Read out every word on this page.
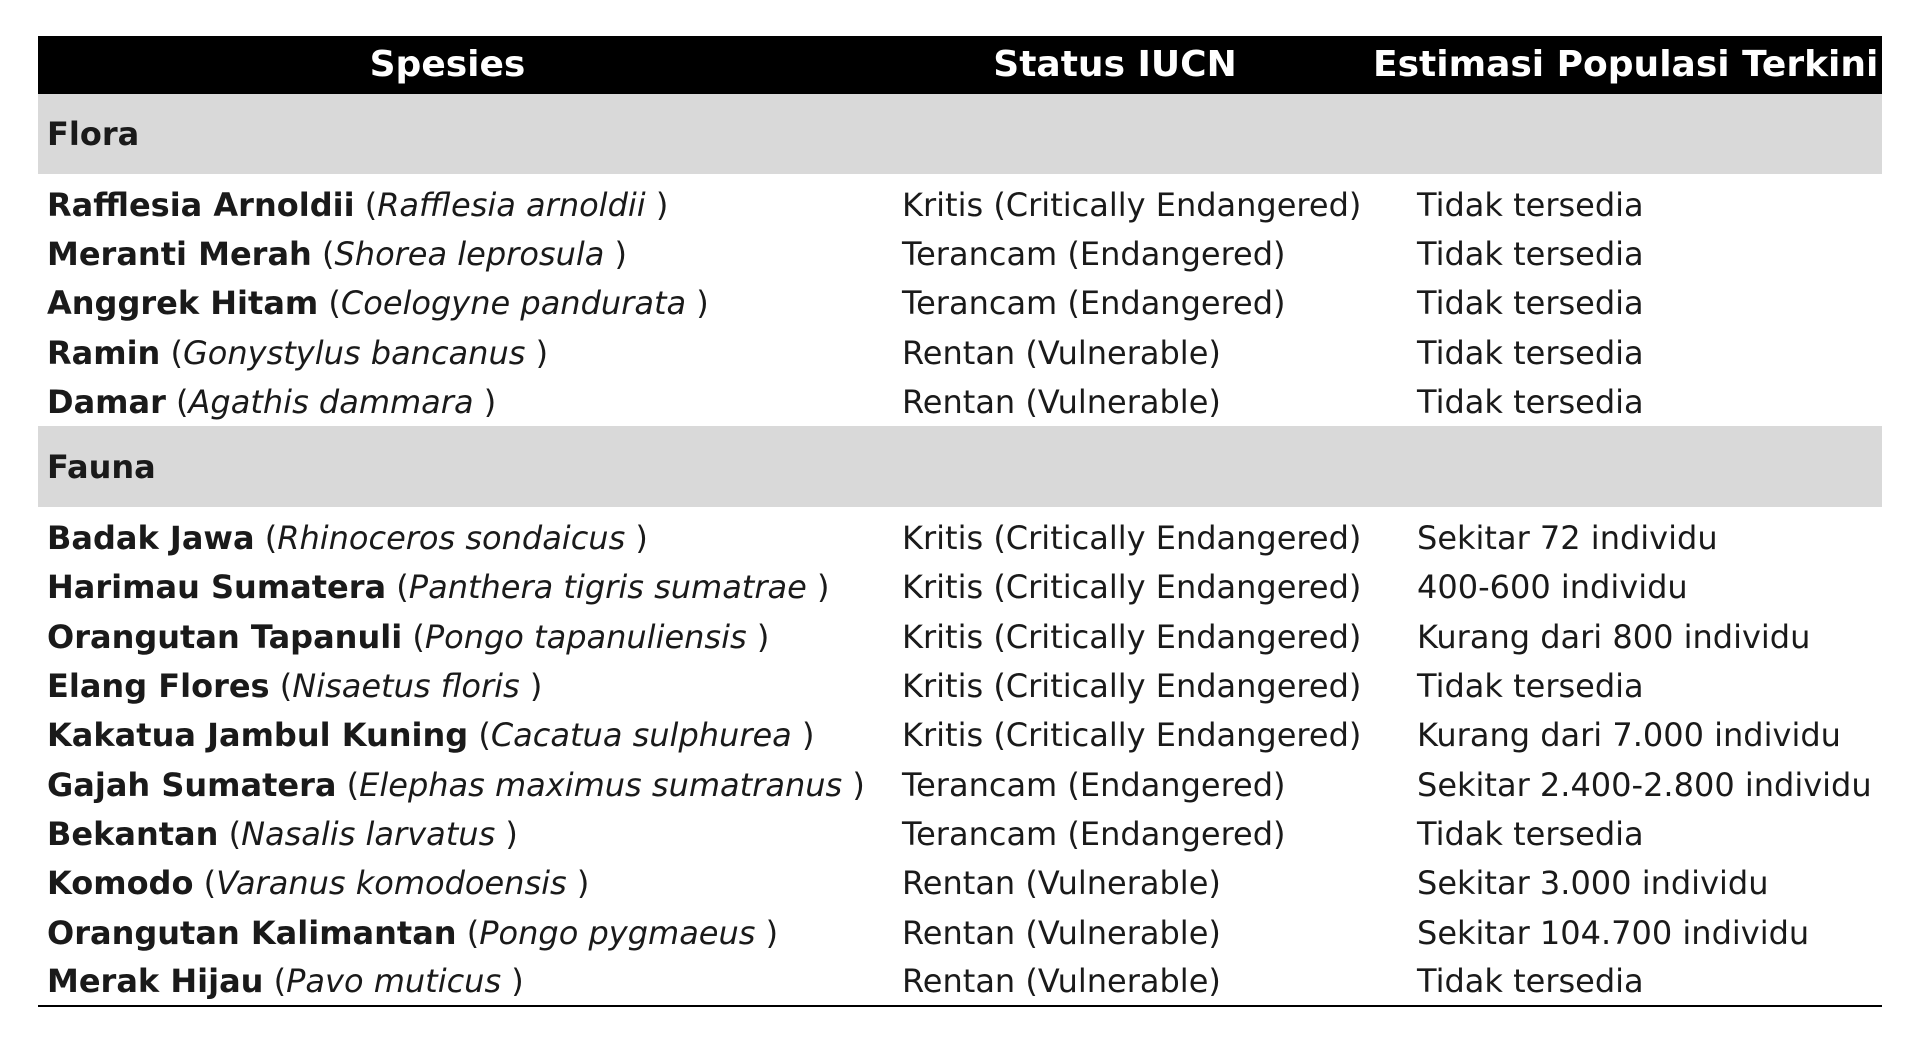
Spesies	Status IUCN	Estimasi Populasi Terkini
Flora		

Rafflesia Arnoldii (Rafflesia arnoldii )	Kritis (Critically Endangered)	Tidak tersedia
Meranti Merah (Shorea leprosula )	Terancam (Endangered)	Tidak tersedia
Anggrek Hitam (Coelogyne pandurata )	Terancam (Endangered)	Tidak tersedia
Ramin (Gonystylus bancanus )	Rentan (Vulnerable)	Tidak tersedia
Damar (Agathis dammara )	Rentan (Vulnerable)	Tidak tersedia
Fauna		

Badak Jawa (Rhinoceros sondaicus )	Kritis (Critically Endangered)	Sekitar 72 individu
Harimau Sumatera (Panthera tigris sumatrae )	Kritis (Critically Endangered)	400-600 individu
Orangutan Tapanuli (Pongo tapanuliensis )	Kritis (Critically Endangered)	Kurang dari 800 individu
Elang Flores (Nisaetus floris )	Kritis (Critically Endangered)	Tidak tersedia
Kakatua Jambul Kuning (Cacatua sulphurea )	Kritis (Critically Endangered)	Kurang dari 7.000 individu
Gajah Sumatera (Elephas maximus sumatranus )	Terancam (Endangered)	Sekitar 2.400-2.800 individu
Bekantan (Nasalis larvatus )	Terancam (Endangered)	Tidak tersedia
Komodo (Varanus komodoensis )	Rentan (Vulnerable)	Sekitar 3.000 individu
Orangutan Kalimantan (Pongo pygmaeus )	Rentan (Vulnerable)	Sekitar 104.700 individu
Merak Hijau (Pavo muticus )	Rentan (Vulnerable)	Tidak tersedia
